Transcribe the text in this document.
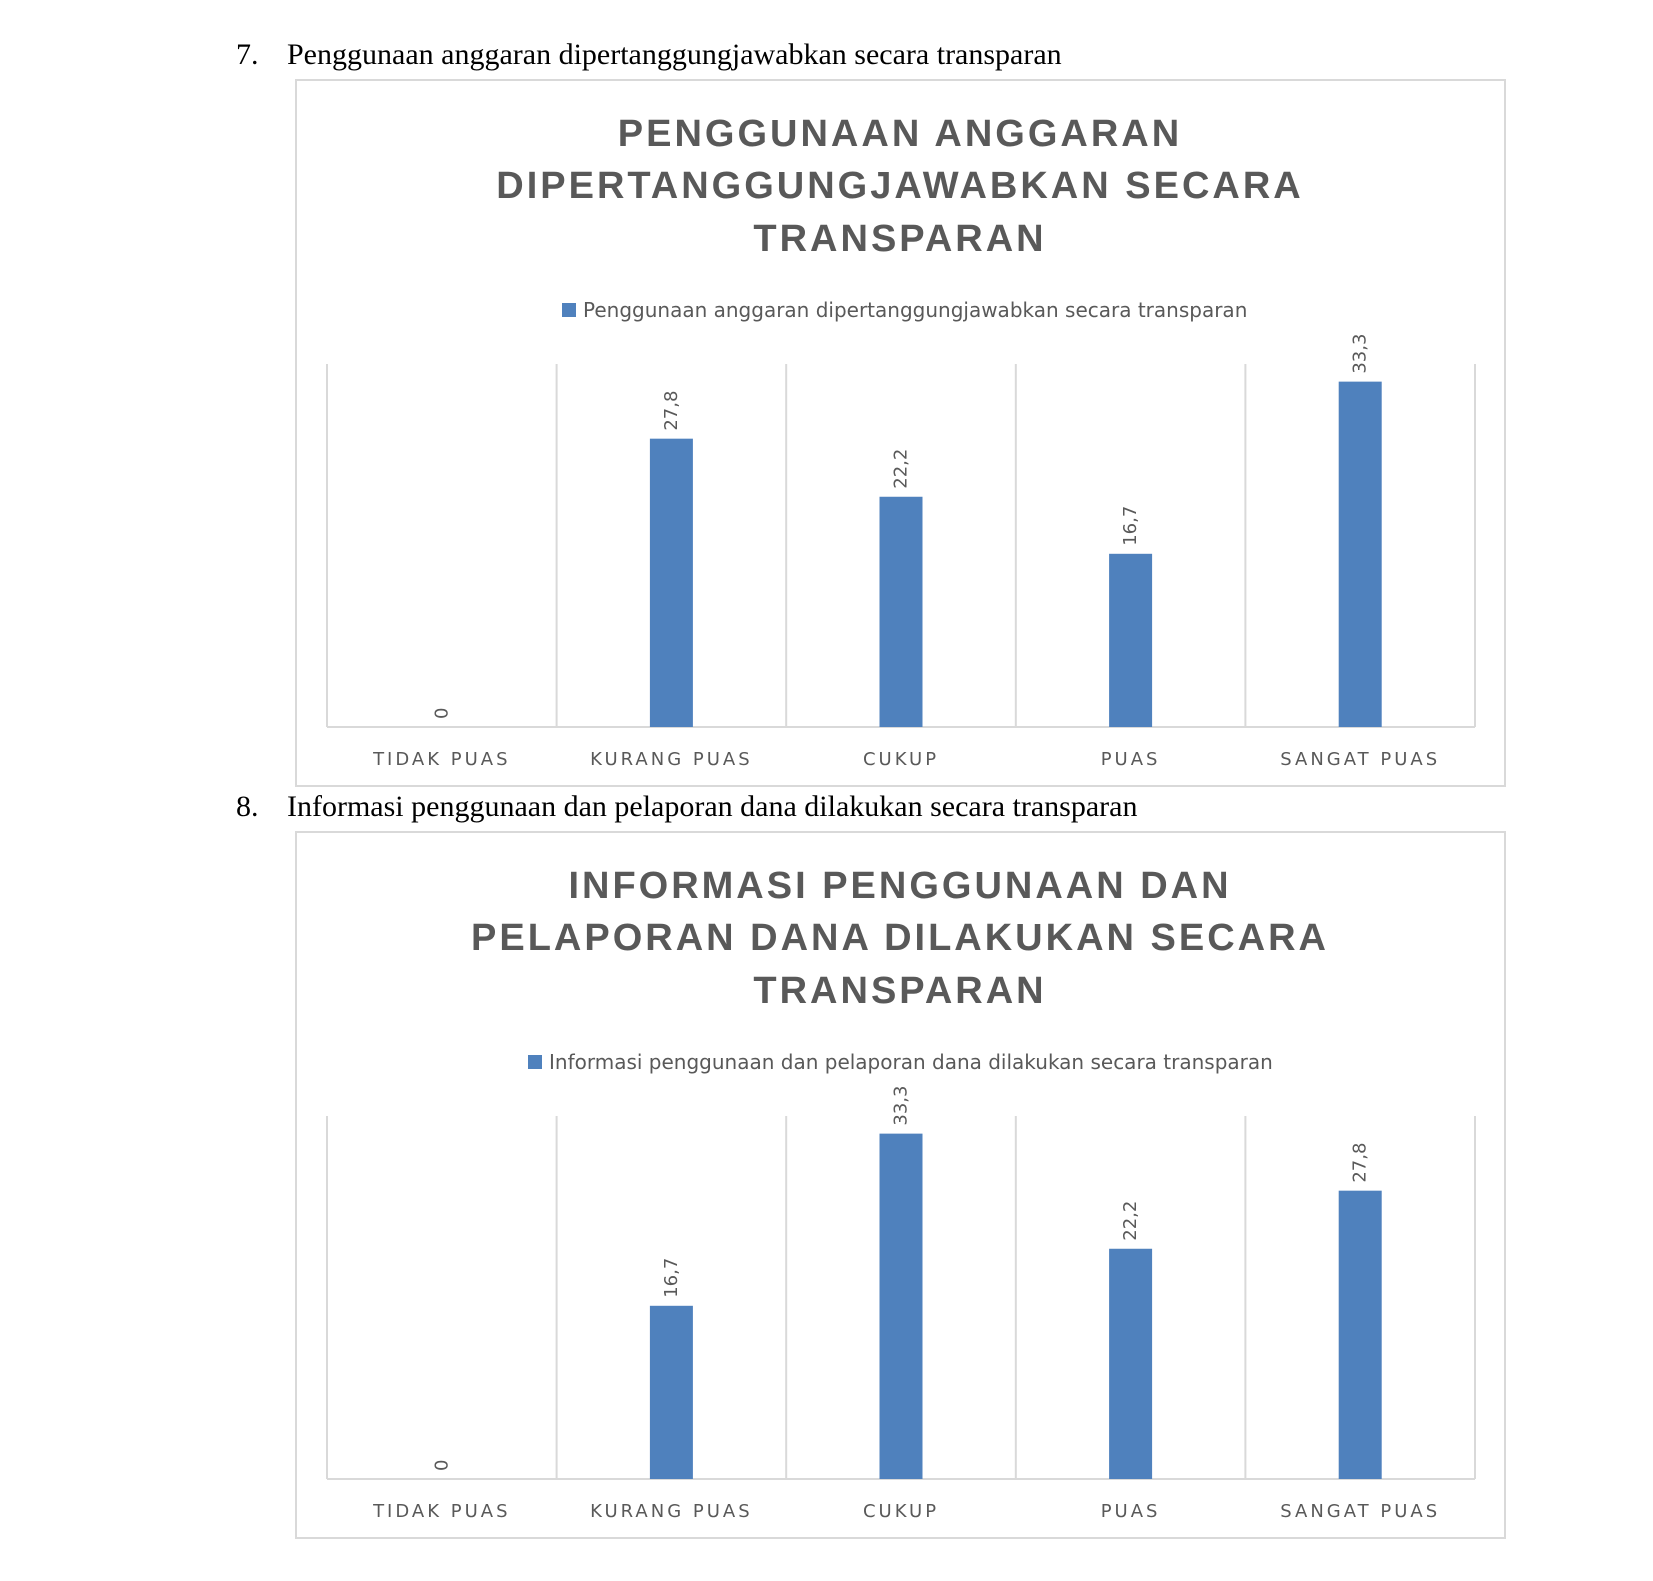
7. Penggunaan anggaran dipertanggungjawabkan secara transparan
PENGGUNAAN ANGGARAN
DIPERTANGGUNGJAWABKAN SECARA
TRANSPARAN
Penggunaan anggaran dipertanggungjawabkan secara transparan
0
TIDAK PUAS
27,8
KURANG PUAS
22,2
CUKUP
16,7
PUAS
33,3
SANGAT PUAS
8. Informasi penggunaan dan pelaporan dana dilakukan secara transparan
INFORMASI PENGGUNAAN DAN
PELAPORAN DANA DILAKUKAN SECARA
TRANSPARAN
Informasi penggunaan dan pelaporan dana dilakukan secara transparan
0
TIDAK PUAS
16,7
KURANG PUAS
33,3
CUKUP
22,2
PUAS
27,8
SANGAT PUAS
